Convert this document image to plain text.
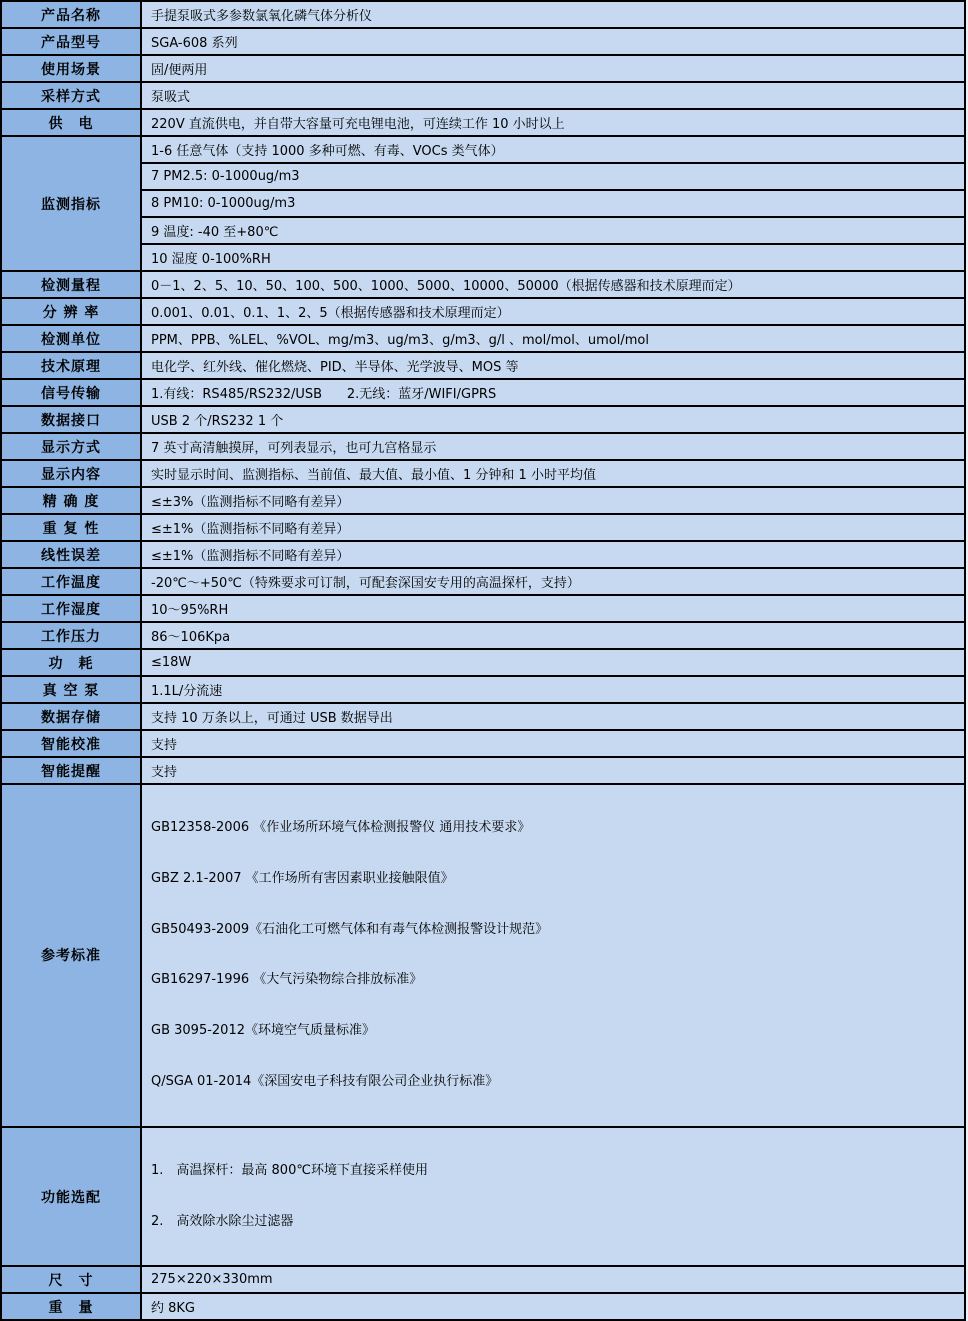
产品名称	手提泵吸式多参数氯氧化磷气体分析仪
产品型号	SGA-608 系列
使用场景	固/便两用
采样方式	泵吸式
供　电	220V 直流供电，并自带大容量可充电锂电池，可连续工作 10 小时以上
监测指标	1-6 任意气体（支持 1000 多种可燃、有毒、VOCs 类气体）
	7 PM2.5: 0-1000ug/m3
	8 PM10: 0-1000ug/m3
	9 温度: -40 至+80℃
	10 湿度 0-100%RH
检测量程	0－1、2、5、10、50、100、500、1000、5000、10000、50000（根据传感器和技术原理而定）
分 辨 率	0.001、0.01、0.1、1、2、5（根据传感器和技术原理而定）
检测单位	PPM、PPB、%LEL、%VOL、mg/m3、ug/m3、g/m3、g/l 、mol/mol、umol/mol
技术原理	电化学、红外线、催化燃烧、PID、半导体、光学波导、MOS 等
信号传输	1.有线：RS485/RS232/USB      2.无线：蓝牙/WIFI/GPRS
数据接口	USB 2 个/RS232 1 个
显示方式	7 英寸高清触摸屏，可列表显示，也可九宫格显示
显示内容	实时显示时间、监测指标、当前值、最大值、最小值、1 分钟和 1 小时平均值
精 确 度	≤±3%（监测指标不同略有差异）
重 复 性	≤±1%（监测指标不同略有差异）
线性误差	≤±1%（监测指标不同略有差异）
工作温度	-20℃～+50℃（特殊要求可订制，可配套深国安专用的高温探杆，支持）
工作湿度	10～95%RH
工作压力	86～106Kpa
功　耗	≤18W
真 空 泵	1.1L/分流速
数据存储	支持 10 万条以上，可通过 USB 数据导出
智能校准	支持
智能提醒	支持
参考标准	

GB12358-2006 《作业场所环境气体检测报警仪 通用技术要求》

GBZ 2.1-2007 《工作场所有害因素职业接触限值》

GB50493-2009《石油化工可燃气体和有毒气体检测报警设计规范》

GB16297-1996 《大气污染物综合排放标准》

GB 3095-2012《环境空气质量标准》

Q/SGA 01-2014《深国安电子科技有限公司企业执行标准》

功能选配	1.　高温探杆：最高 800℃环境下直接采样使用

2.　高效除水除尘过滤器

尺　寸	275×220×330mm
重　量	约 8KG
